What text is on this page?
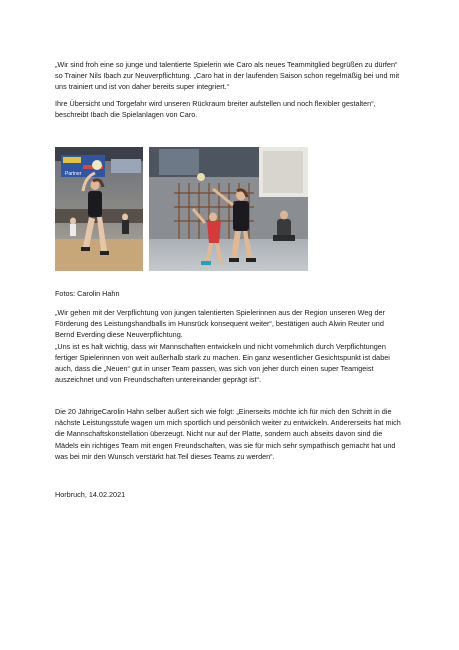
„Wir sind froh eine so junge und talentierte Spielerin wie Caro als neues Teammitglied begrüßen zu dürfen“ so Trainer Nils Ibach zur Neuverpflichtung. „Caro hat in der laufenden Saison schon regelmäßig bei und mit uns trainiert und ist von daher bereits super integriert.“

Ihre Übersicht und Torgefahr wird unseren Rückraum breiter aufstellen und noch flexibler gestalten“, beschreibt Ibach die Spielanlagen von Caro.

Partner

Fotos: Carolin Hahn

„Wir gehen mit der Verpflichtung von jungen talentierten Spielerinnen aus der Region unseren Weg der Förderung des Leistungshandballs im Hunsrück konsequent weiter“, bestätigen auch Alwin Reuter und Bernd Everding diese Neuverpflichtung.

„Uns ist es halt wichtig, dass wir Mannschaften entwickeln und nicht vornehmlich durch Verpflichtungen fertiger Spielerinnen von weit außerhalb stark zu machen. Ein ganz wesentlicher Gesichtspunkt ist dabei auch, dass die „Neuen“ gut in unser Team passen, was sich von jeher durch einen super Teamgeist auszeichnet und von Freundschaften untereinander geprägt ist“.

Die 20 JährigeCarolin Hahn selber äußert sich wie folgt: „Einerseits möchte ich für mich den Schritt in die nächste Leistungsstufe wagen um mich sportlich und persönlich weiter zu entwickeln. Andererseits hat mich die Mannschaftskonstellation überzeugt. Nicht nur auf der Platte, sondern auch abseits davon sind die Mädels ein richtiges Team mit engen Freundschaften, was sie für mich sehr sympathisch gemacht hat und was bei mir den Wunsch verstärkt hat Teil dieses Teams zu werden“.

Horbruch, 14.02.2021
